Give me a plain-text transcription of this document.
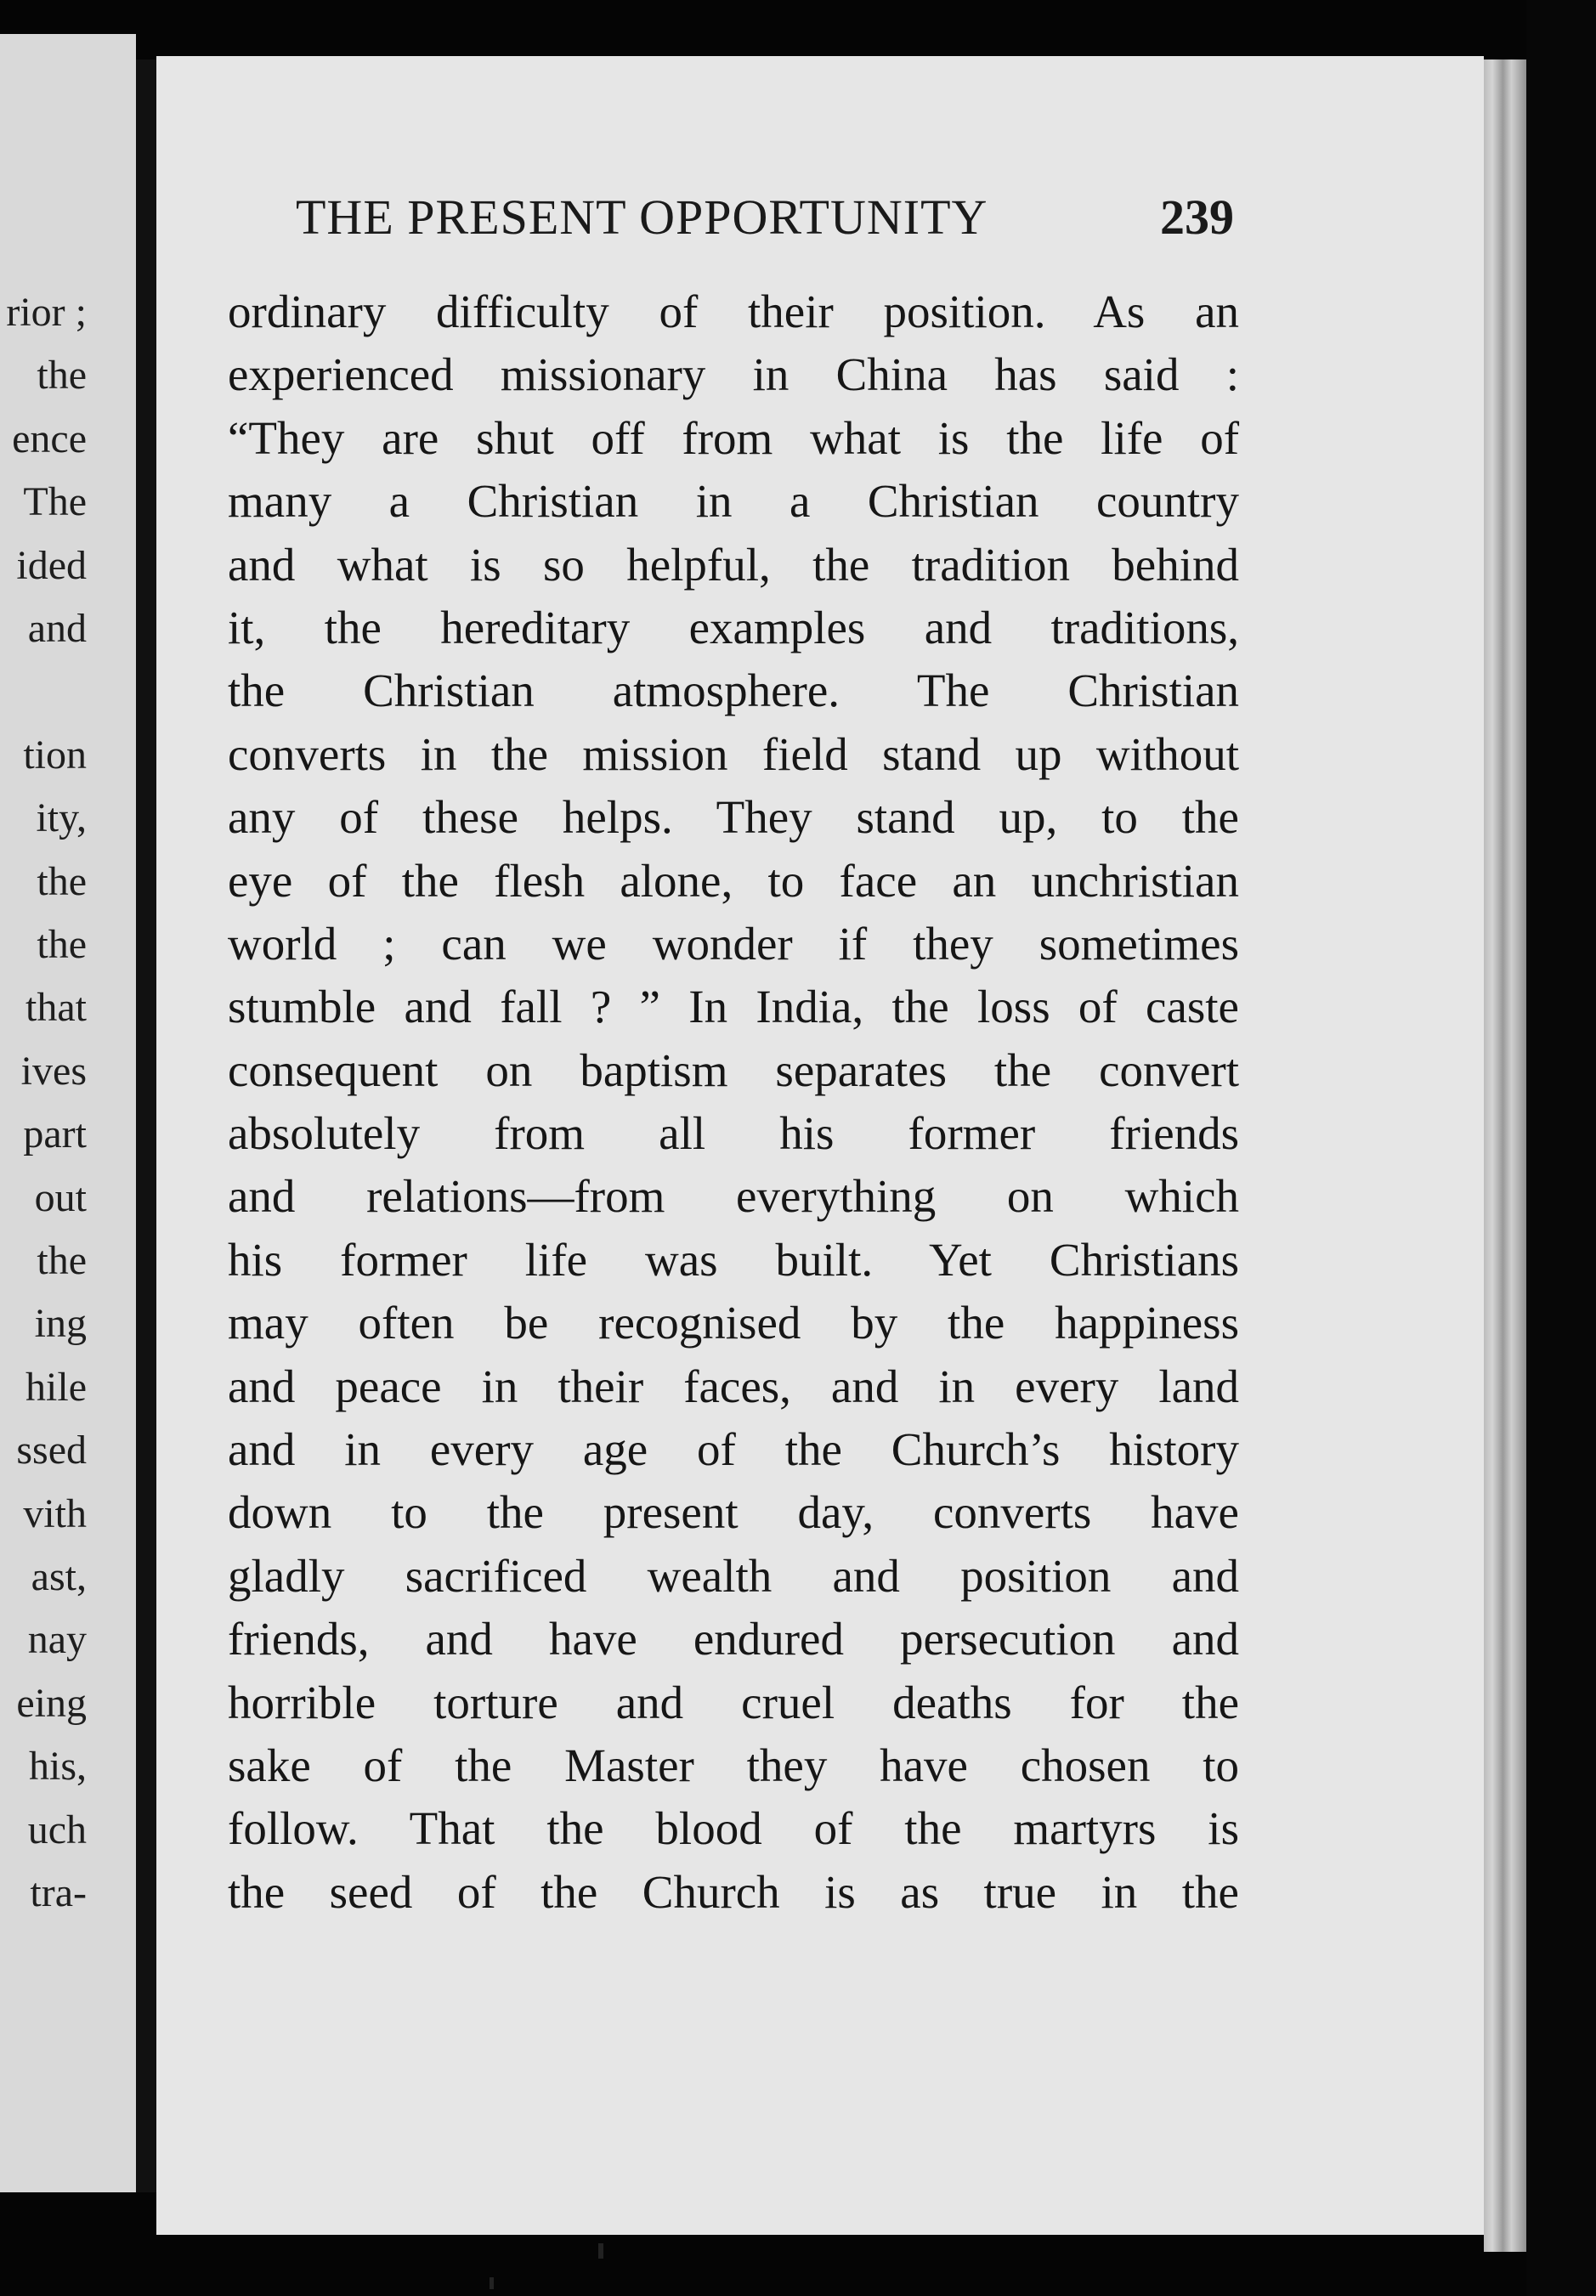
rior ;
the
ence
The
ided
and
tion
ity,
the
the
that
ives
part
out
the
ing
hile
ssed
vith
ast,
nay
eing
his,
uch
tra-
THE PRESENT OPPORTUNITY	239
ordinary difficulty of their position. As an
experienced missionary in China has said :
“They are shut off from what is the life of
many a Christian in a Christian country
and what is so helpful, the tradition behind
it, the hereditary examples and traditions,
the Christian atmosphere. The Christian
converts in the mission field stand up without
any of these helps. They stand up, to the
eye of the flesh alone, to face an unchristian
world ; can we wonder if they sometimes
stumble and fall ? ” In India, the loss of caste
consequent on baptism separates the convert
absolutely from all his former friends
and relations—from everything on which
his former life was built. Yet Christians
may often be recognised by the happiness
and peace in their faces, and in every land
and in every age of the Church’s history
down to the present day, converts have
gladly sacrificed wealth and position and
friends, and have endured persecution and
horrible torture and cruel deaths for the
sake of the Master they have chosen to
follow. That the blood of the martyrs is
the seed of the Church is as true in the
